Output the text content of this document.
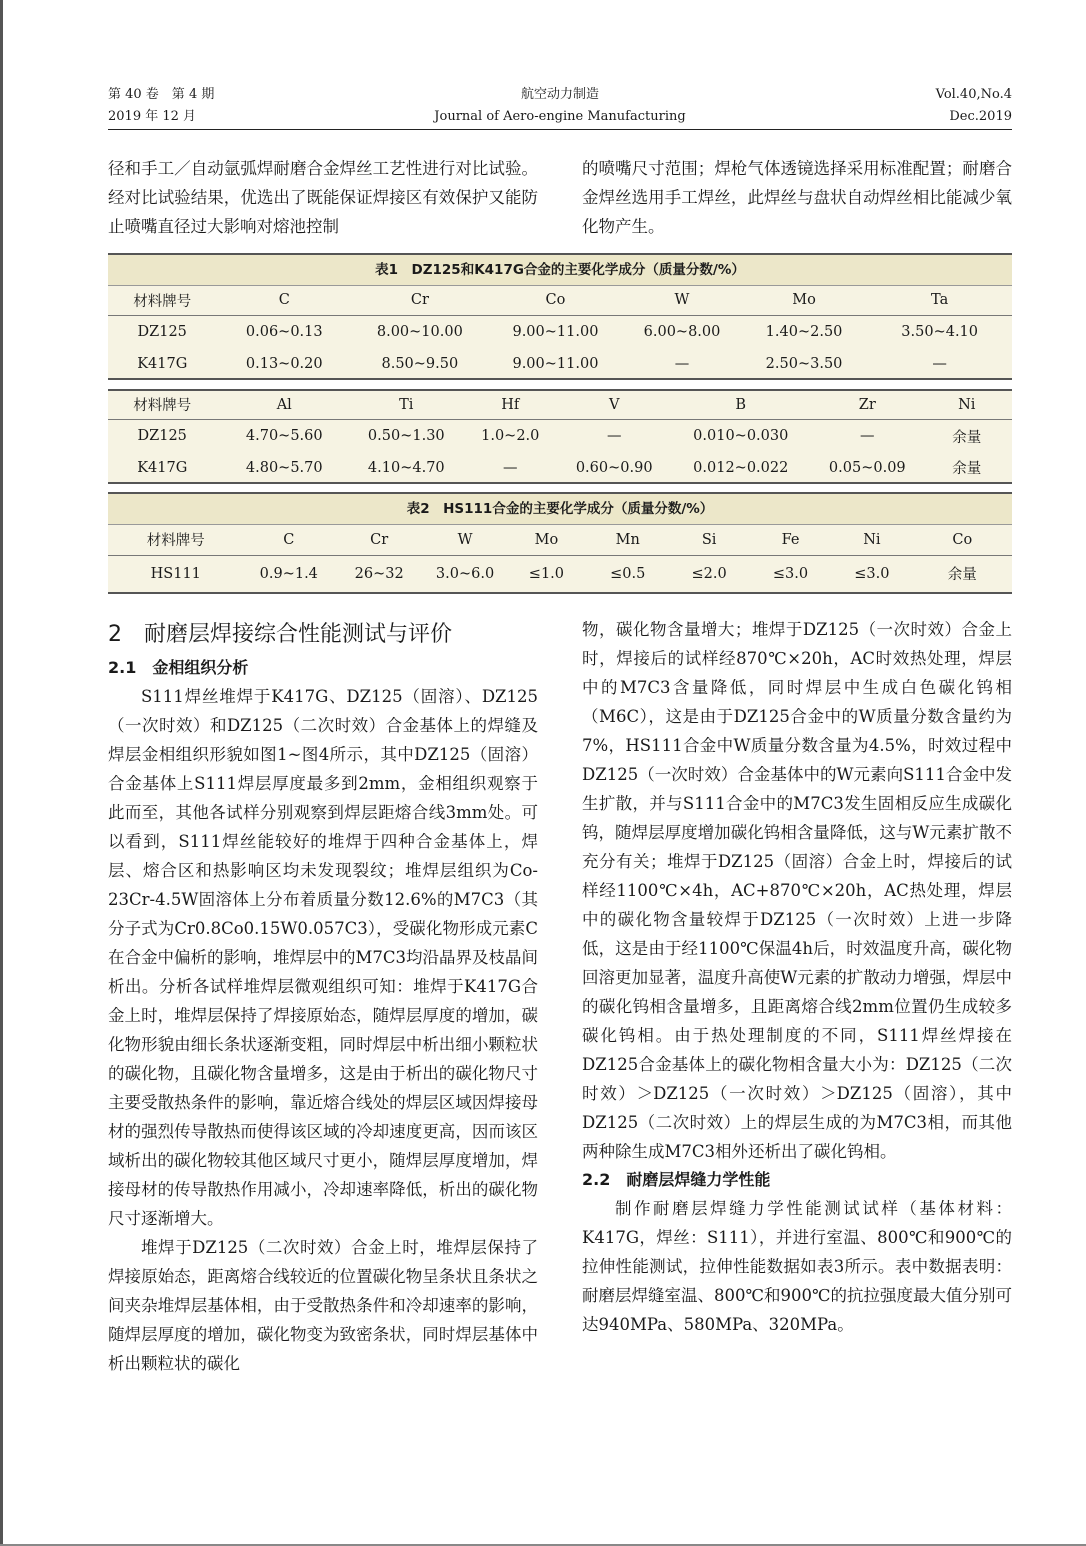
第 40 卷　第 4 期
2019 年 12 月
航空动力制造
Journal of Aero-engine Manufacturing
Vol.40,No.4
Dec.2019

径和手工／自动氩弧焊耐磨合金焊丝工艺性进行对比试验。经对比试验结果，优选出了既能保证焊接区有效保护又能防止喷嘴直径过大影响对熔池控制

的喷嘴尺寸范围；焊枪气体透镜选择采用标准配置；耐磨合金焊丝选用手工焊丝，此焊丝与盘状自动焊丝相比能减少氧化物产生。

表1　DZ125和K417G合金的主要化学成分（质量分数/%）
材料牌号	C	Cr	Co	W	Mo	Ta
DZ125	0.06~0.13	8.00~10.00	9.00~11.00	6.00~8.00	1.40~2.50	3.50~4.10
K417G	0.13~0.20	8.50~9.50	9.00~11.00	—	2.50~3.50	—
材料牌号	Al	Ti	Hf	V	B	Zr	Ni
DZ125	4.70~5.60	0.50~1.30	1.0~2.0	—	0.010~0.030	—	余量
K417G	4.80~5.70	4.10~4.70	—	0.60~0.90	0.012~0.022	0.05~0.09	余量
表2　HS111合金的主要化学成分（质量分数/%）
材料牌号	C	Cr	W	Mo	Mn	Si	Fe	Ni	Co
HS111	0.9~1.4	26~32	3.0~6.0	≤1.0	≤0.5	≤2.0	≤3.0	≤3.0	余量
2　耐磨层焊接综合性能测试与评价
2.1　金相组织分析

S111焊丝堆焊于K417G、DZ125（固溶）、DZ125（一次时效）和DZ125（二次时效）合金基体上的焊缝及焊层金相组织形貌如图1~图4所示，其中DZ125（固溶）合金基体上S111焊层厚度最多到2mm，金相组织观察于此而至，其他各试样分别观察到焊层距熔合线3mm处。可以看到，S111焊丝能较好的堆焊于四种合金基体上，焊层、熔合区和热影响区均未发现裂纹；堆焊层组织为Co-23Cr-4.5W固溶体上分布着质量分数12.6%的M7C3（其分子式为Cr0.8Co0.15W0.057C3），受碳化物形成元素C在合金中偏析的影响，堆焊层中的M7C3均沿晶界及枝晶间析出。分析各试样堆焊层微观组织可知：堆焊于K417G合金上时，堆焊层保持了焊接原始态，随焊层厚度的增加，碳化物形貌由细长条状逐渐变粗，同时焊层中析出细小颗粒状的碳化物，且碳化物含量增多，这是由于析出的碳化物尺寸主要受散热条件的影响，靠近熔合线处的焊层区域因焊接母材的强烈传导散热而使得该区域的冷却速度更高，因而该区域析出的碳化物较其他区域尺寸更小，随焊层厚度增加，焊接母材的传导散热作用减小，冷却速率降低，析出的碳化物尺寸逐渐增大。

堆焊于DZ125（二次时效）合金上时，堆焊层保持了焊接原始态，距离熔合线较近的位置碳化物呈条状且条状之间夹杂堆焊层基体相，由于受散热条件和冷却速率的影响，随焊层厚度的增加，碳化物变为致密条状，同时焊层基体中析出颗粒状的碳化

物，碳化物含量增大；堆焊于DZ125（一次时效）合金上时，焊接后的试样经870℃×20h，AC时效热处理，焊层中的M7C3含量降低，同时焊层中生成白色碳化钨相（M6C），这是由于DZ125合金中的W质量分数含量约为7%，HS111合金中W质量分数含量为4.5%，时效过程中DZ125（一次时效）合金基体中的W元素向S111合金中发生扩散，并与S111合金中的M7C3发生固相反应生成碳化钨，随焊层厚度增加碳化钨相含量降低，这与W元素扩散不充分有关；堆焊于DZ125（固溶）合金上时，焊接后的试样经1100℃×4h，AC+870℃×20h，AC热处理，焊层中的碳化物含量较焊于DZ125（一次时效）上进一步降低，这是由于经1100℃保温4h后，时效温度升高，碳化物回溶更加显著，温度升高使W元素的扩散动力增强，焊层中的碳化钨相含量增多，且距离熔合线2mm位置仍生成较多碳化钨相。由于热处理制度的不同，S111焊丝焊接在DZ125合金基体上的碳化物相含量大小为：DZ125（二次时效）＞DZ125（一次时效）＞DZ125（固溶），其中DZ125（二次时效）上的焊层生成的为M7C3相，而其他两种除生成M7C3相外还析出了碳化钨相。

2.2　耐磨层焊缝力学性能

制作耐磨层焊缝力学性能测试试样（基体材料：K417G，焊丝：S111），并进行室温、800℃和900℃的拉伸性能测试，拉伸性能数据如表3所示。表中数据表明：耐磨层焊缝室温、800℃和900℃的抗拉强度最大值分别可达940MPa、580MPa、320MPa。
